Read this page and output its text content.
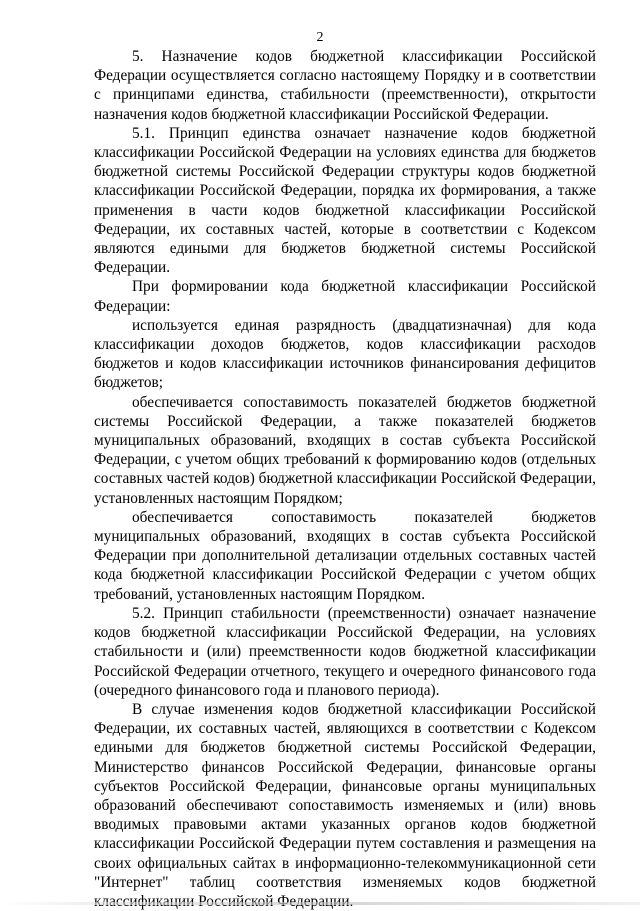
2

5. Назначение кодов бюджетной классификации Российской Федерации осуществляется согласно настоящему Порядку и в соответствии с принципами единства, стабильности (преемственности), открытости назначения кодов бюджетной классификации Российской Федерации.

5.1. Принцип единства означает назначение кодов бюджетной классификации Российской Федерации на условиях единства для бюджетов бюджетной системы Российской Федерации структуры кодов бюджетной классификации Российской Федерации, порядка их формирования, а также применения в части кодов бюджетной классификации Российской Федерации, их составных частей, которые в соответствии с Кодексом являются едиными для бюджетов бюджетной системы Российской Федерации.

При формировании кода бюджетной классификации Российской Федерации:

используется единая разрядность (двадцатизначная) для кода классификации доходов бюджетов, кодов классификации расходов бюджетов и кодов классификации источников финансирования дефицитов бюджетов;

обеспечивается сопоставимость показателей бюджетов бюджетной системы Российской Федерации, а также показателей бюджетов муниципальных образований, входящих в состав субъекта Российской Федерации, с учетом общих требований к формированию кодов (отдельных составных частей кодов) бюджетной классификации Российской Федерации, установленных настоящим Порядком;

обеспечивается сопоставимость показателей бюджетов муниципальных образований, входящих в состав субъекта Российской Федерации при дополнительной детализации отдельных составных частей кода бюджетной классификации Российской Федерации с учетом общих требований, установленных настоящим Порядком.

5.2. Принцип стабильности (преемственности) означает назначение кодов бюджетной классификации Российской Федерации, на условиях стабильности и (или) преемственности кодов бюджетной классификации Российской Федерации отчетного, текущего и очередного финансового года (очередного финансового года и планового периода).

В случае изменения кодов бюджетной классификации Российской Федерации, их составных частей, являющихся в соответствии с Кодексом едиными для бюджетов бюджетной системы Российской Федерации, Министерство финансов Российской Федерации, финансовые органы субъектов Российской Федерации, финансовые органы муниципальных образований обеспечивают сопоставимость изменяемых и (или) вновь вводимых правовыми актами указанных органов кодов бюджетной классификации Российской Федерации путем составления и размещения на своих официальных сайтах в информационно-телекоммуникационной сети "Интернет" таблиц соответствия изменяемых кодов бюджетной
